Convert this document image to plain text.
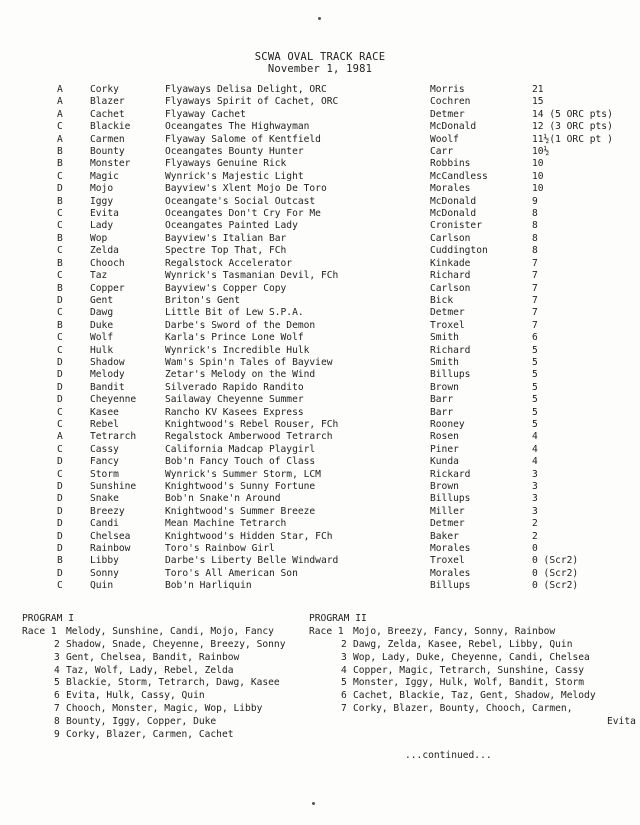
SCWA OVAL TRACK RACE
November 1, 1981
A	Corky	Flyaways Delisa Delight, ORC	Morris	21
A	Blazer	Flyaways Spirit of Cachet, ORC	Cochren	15
A	Cachet	Flyaway Cachet	Detmer	14 (5 ORC pts)
C	Blackie	Oceangates The Highwayman	McDonald	12 (3 ORC pts)
A	Carmen	Flyaway Salome of Kentfield	Woolf	11½(1 ORC pt )
B	Bounty	Oceangates Bounty Hunter	Carr	10½
B	Monster	Flyaways Genuine Rick	Robbins	10
C	Magic	Wynrick's Majestic Light	McCandless	10
D	Mojo	Bayview's Xlent Mojo De Toro	Morales	10
B	Iggy	Oceangate's Social Outcast	McDonald	9
C	Evita	Oceangates Don't Cry For Me	McDonald	8
C	Lady	Oceangates Painted Lady	Cronister	8
B	Wop	Bayview's Italian Bar	Carlson	8
C	Zelda	Spectre Top That, FCh	Cuddington	8
B	Chooch	Regalstock Accelerator	Kinkade	7
C	Taz	Wynrick's Tasmanian Devil, FCh	Richard	7
B	Copper	Bayview's Copper Copy	Carlson	7
D	Gent	Briton's Gent	Bick	7
C	Dawg	Little Bit of Lew S.P.A.	Detmer	7
B	Duke	Darbe's Sword of the Demon	Troxel	7
C	Wolf	Karla's Prince Lone Wolf	Smith	6
C	Hulk	Wynrick's Incredible Hulk	Richard	5
D	Shadow	Wam's Spin'n Tales of Bayview	Smith	5
D	Melody	Zetar's Melody on the Wind	Billups	5
D	Bandit	Silverado Rapido Randito	Brown	5
D	Cheyenne	Sailaway Cheyenne Summer	Barr	5
C	Kasee	Rancho KV Kasees Express	Barr	5
C	Rebel	Knightwood's Rebel Rouser, FCh	Rooney	5
A	Tetrarch	Regalstock Amberwood Tetrarch	Rosen	4
C	Cassy	California Madcap Playgirl	Piner	4
D	Fancy	Bob'n Fancy Touch of Class	Kunda	4
C	Storm	Wynrick's Summer Storm, LCM	Rickard	3
D	Sunshine	Knightwood's Sunny Fortune	Brown	3
D	Snake	Bob'n Snake'n Around	Billups	3
D	Breezy	Knightwood's Summer Breeze	Miller	3
D	Candi	Mean Machine Tetrarch	Detmer	2
D	Chelsea	Knightwood's Hidden Star, FCh	Baker	2
D	Rainbow	Toro's Rainbow Girl	Morales	0
B	Libby	Darbe's Liberty Belle Windward	Troxel	0 (Scr2)
D	Sonny	Toro's All American Son	Morales	0 (Scr2)
C	Quin	Bob'n Harliquin	Billups	0 (Scr2)
PROGRAM I
Race 1 Melody, Sunshine, Candi, Mojo, Fancy
2 Shadow, Snade, Cheyenne, Breezy, Sonny
3 Gent, Chelsea, Bandit, Rainbow
4 Taz, Wolf, Lady, Rebel, Zelda
5 Blackie, Storm, Tetrarch, Dawg, Kasee
6 Evita, Hulk, Cassy, Quin
7 Chooch, Monster, Magic, Wop, Libby
8 Bounty, Iggy, Copper, Duke
9 Corky, Blazer, Carmen, Cachet
PROGRAM II
Race 1 Mojo, Breezy, Fancy, Sonny, Rainbow
2 Dawg, Zelda, Kasee, Rebel, Libby, Quin
3 Wop, Lady, Duke, Cheyenne, Candi, Chelsea
4 Copper, Magic, Tetrarch, Sunshine, Cassy
5 Monster, Iggy, Hulk, Wolf, Bandit, Storm
6 Cachet, Blackie, Taz, Gent, Shadow, Melody
7 Corky, Blazer, Bounty, Chooch, Carmen,
Evita
...continued...
